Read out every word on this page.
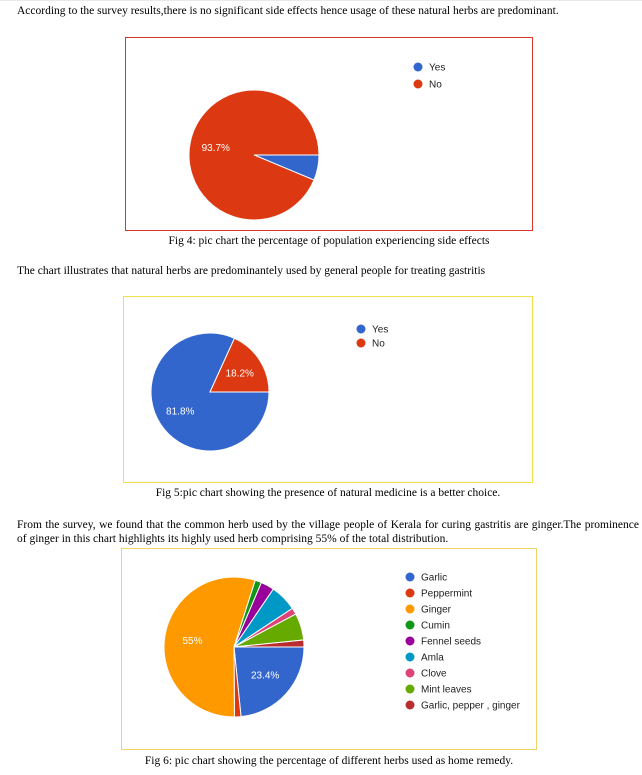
According to the survey results,there is no significant side effects hence usage of these natural herbs are predominant.

93.7%
Yes
No

Fig 4: pic chart the percentage of population experiencing side effects

The chart illustrates that natural herbs are predominantely used by general people for treating gastritis

81.8%
18.2%
Yes
No

Fig 5:pic chart showing the presence of natural medicine is a better choice.

From the survey, we found that the common herb used by the village people of Kerala for curing gastritis are ginger.The prominence of ginger in this chart highlights its highly used herb comprising 55% of the total distribution.

23.4%
55%
Garlic
Peppermint
Ginger
Cumin
Fennel seeds
Amla
Clove
Mint leaves
Garlic, pepper , ginger

Fig 6: pic chart showing the percentage of different herbs used as home remedy.
